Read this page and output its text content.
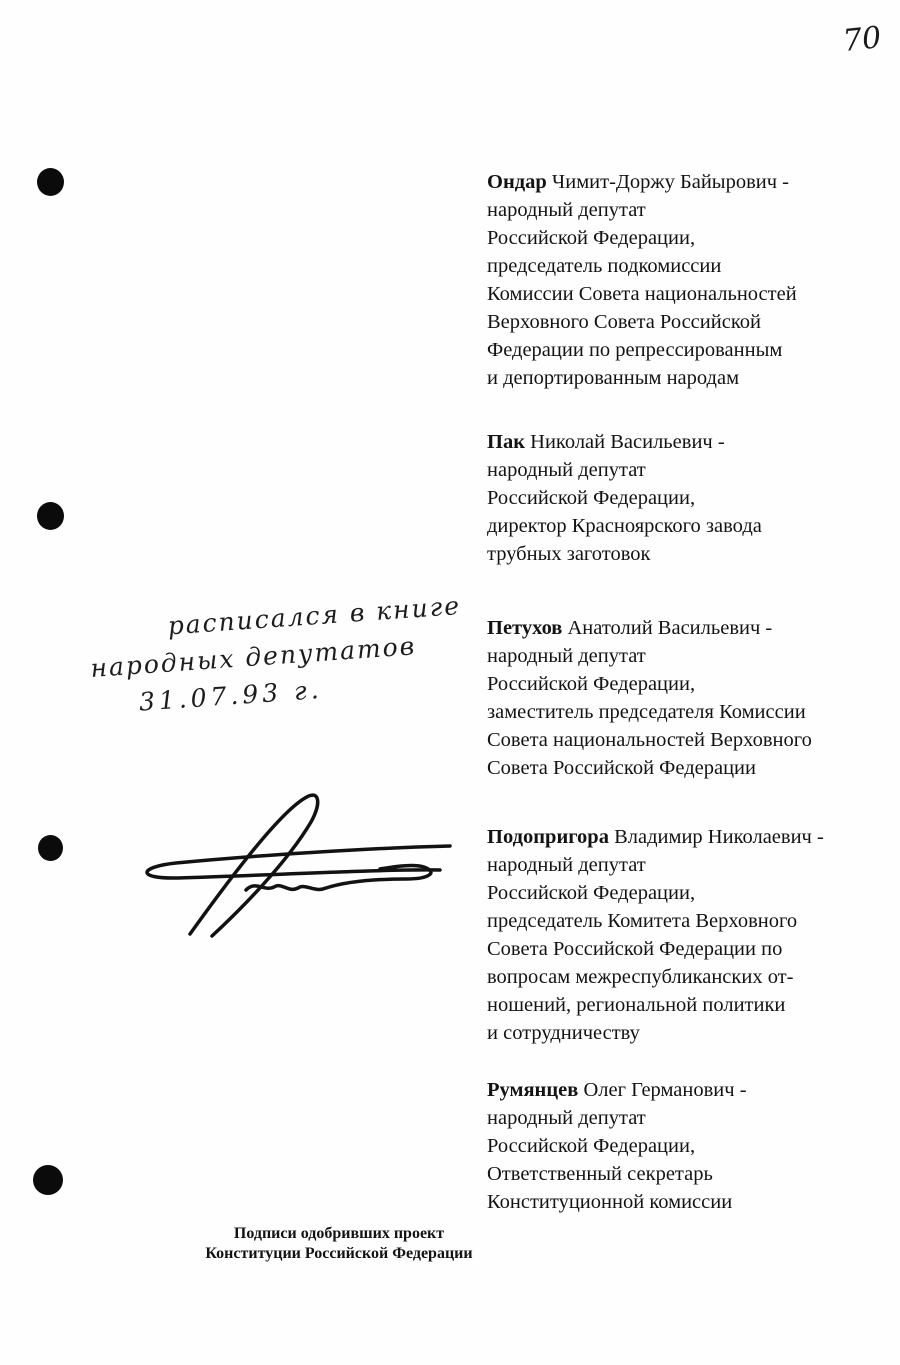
70
Ондар Чимит-Доржу Байырович -
народный депутат
Российской Федерации,
председатель подкомиссии
Комиссии Совета национальностей
Верховного Совета Российской
Федерации по репрессированным
и депортированным народам
Пак Николай Васильевич -
народный депутат
Российской Федерации,
директор Красноярского завода
трубных заготовок
Петухов Анатолий Васильевич -
народный депутат
Российской Федерации,
заместитель председателя Комиссии
Совета национальностей Верховного
Совета Российской Федерации
Подопригора Владимир Николаевич -
народный депутат
Российской Федерации,
председатель Комитета Верховного
Совета Российской Федерации по
вопросам межреспубликанских от-
ношений, региональной политики
и сотрудничеству
Румянцев Олег Германович -
народный депутат
Российской Федерации,
Ответственный секретарь
Конституционной комиссии
расписался в книге
народных депутатов
31.07.93 г.
Подписи одобривших проект
Конституции Российской Федерации
